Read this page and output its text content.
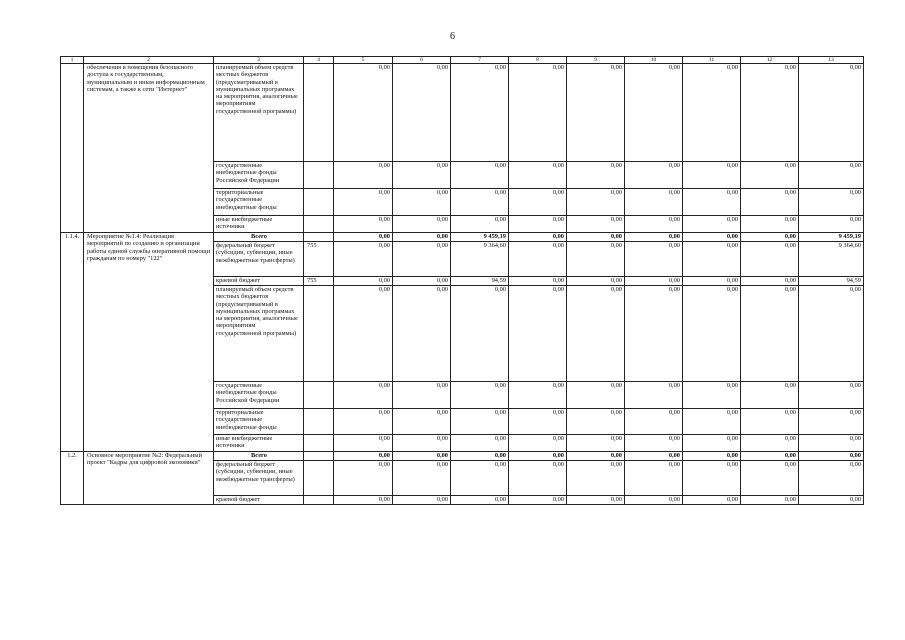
6
1	2	3	4	5	6	7	8	9	10	11	12	13
	обеспечения в помещения безопасного доступа к государственным, муниципальным и иным информационным системам, а также к сети "Интернет"	планируемый объем средств местных бюджетов (предусматриваемый в муниципальных программах на мероприятия, аналогичные мероприятиям государственной программы)		0,00	0,00	0,00	0,00	0,00	0,00	0,00	0,00	0,00
		государственные внебюджетные фонды Российской Федерации		0,00	0,00	0,00	0,00	0,00	0,00	0,00	0,00	0,00
		территориальные государственные внебюджетные фонды		0,00	0,00	0,00	0,00	0,00	0,00	0,00	0,00	0,00
		иные внебюджетные источники		0,00	0,00	0,00	0,00	0,00	0,00	0,00	0,00	0,00
1.1.4.	Мероприятие №1.4: Реализация мероприятий по созданию и организации работы единой службы оперативной помощи гражданам по номеру "122"	Всего		0,00	0,00	9 459,19	0,00	0,00	0,00	0,00	0,00	9 459,19
		федеральный бюджет (субсидии, субвенции, иные межбюджетные трансферты)	755	0,00	0,00	9 364,60	0,00	0,00	0,00	0,00	0,00	9 364,60
		краевой бюджет	755	0,00	0,00	94,59	0,00	0,00	0,00	0,00	0,00	94,59
		планируемый объем средств местных бюджетов (предусматриваемый в муниципальных программах на мероприятия, аналогичные мероприятиям государственной программы)		0,00	0,00	0,00	0,00	0,00	0,00	0,00	0,00	0,00
		государственные внебюджетные фонды Российской Федерации		0,00	0,00	0,00	0,00	0,00	0,00	0,00	0,00	0,00
		территориальные государственные внебюджетные фонды		0,00	0,00	0,00	0,00	0,00	0,00	0,00	0,00	0,00
		иные внебюджетные источники		0,00	0,00	0,00	0,00	0,00	0,00	0,00	0,00	0,00
1.2.	Основное мероприятие №2: Федеральный проект "Кадры для цифровой экономики"	Всего		0,00	0,00	0,00	0,00	0,00	0,00	0,00	0,00	0,00
		федеральный бюджет (субсидии, субвенции, иные межбюджетные трансферты)		0,00	0,00	0,00	0,00	0,00	0,00	0,00	0,00	0,00
		краевой бюджет		0,00	0,00	0,00	0,00	0,00	0,00	0,00	0,00	0,00
